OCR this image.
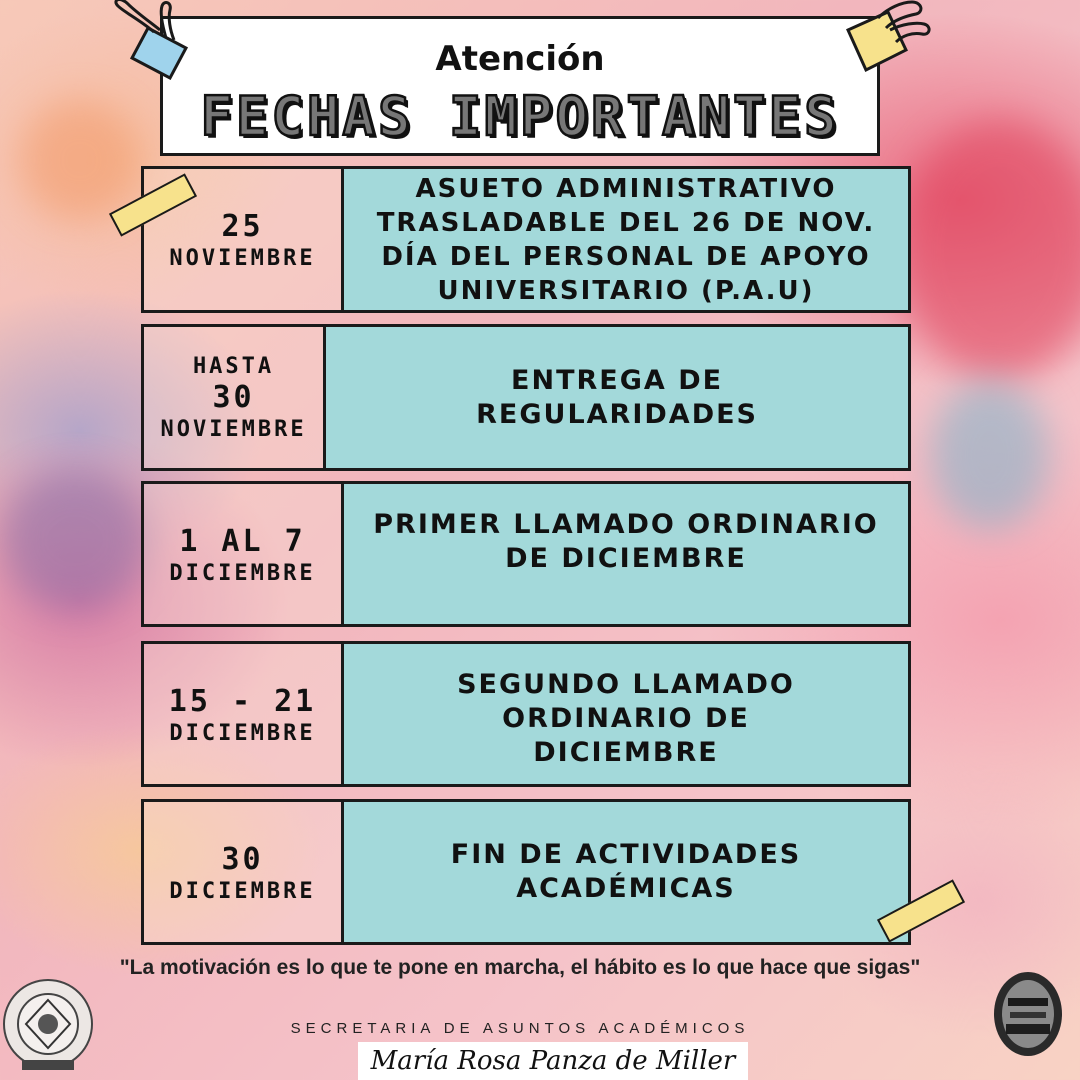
Atención
FECHAS IMPORTANTES
25
NOVIEMBRE
ASUETO ADMINISTRATIVO TRASLADABLE DEL 26 DE NOV. DÍA DEL PERSONAL DE APOYO UNIVERSITARIO (P.A.U)
HASTA
30
NOVIEMBRE
ENTREGA DE REGULARIDADES
1 AL 7
DICIEMBRE
PRIMER LLAMADO ORDINARIO DE DICIEMBRE
15 - 21
DICIEMBRE
SEGUNDO LLAMADO ORDINARIO DE DICIEMBRE
30
DICIEMBRE
FIN DE ACTIVIDADES ACADÉMICAS
"La motivación es lo que te pone en marcha, el hábito es lo que hace que sigas"
SECRETARIA DE ASUNTOS ACADÉMICOS
María Rosa Panza de Miller
